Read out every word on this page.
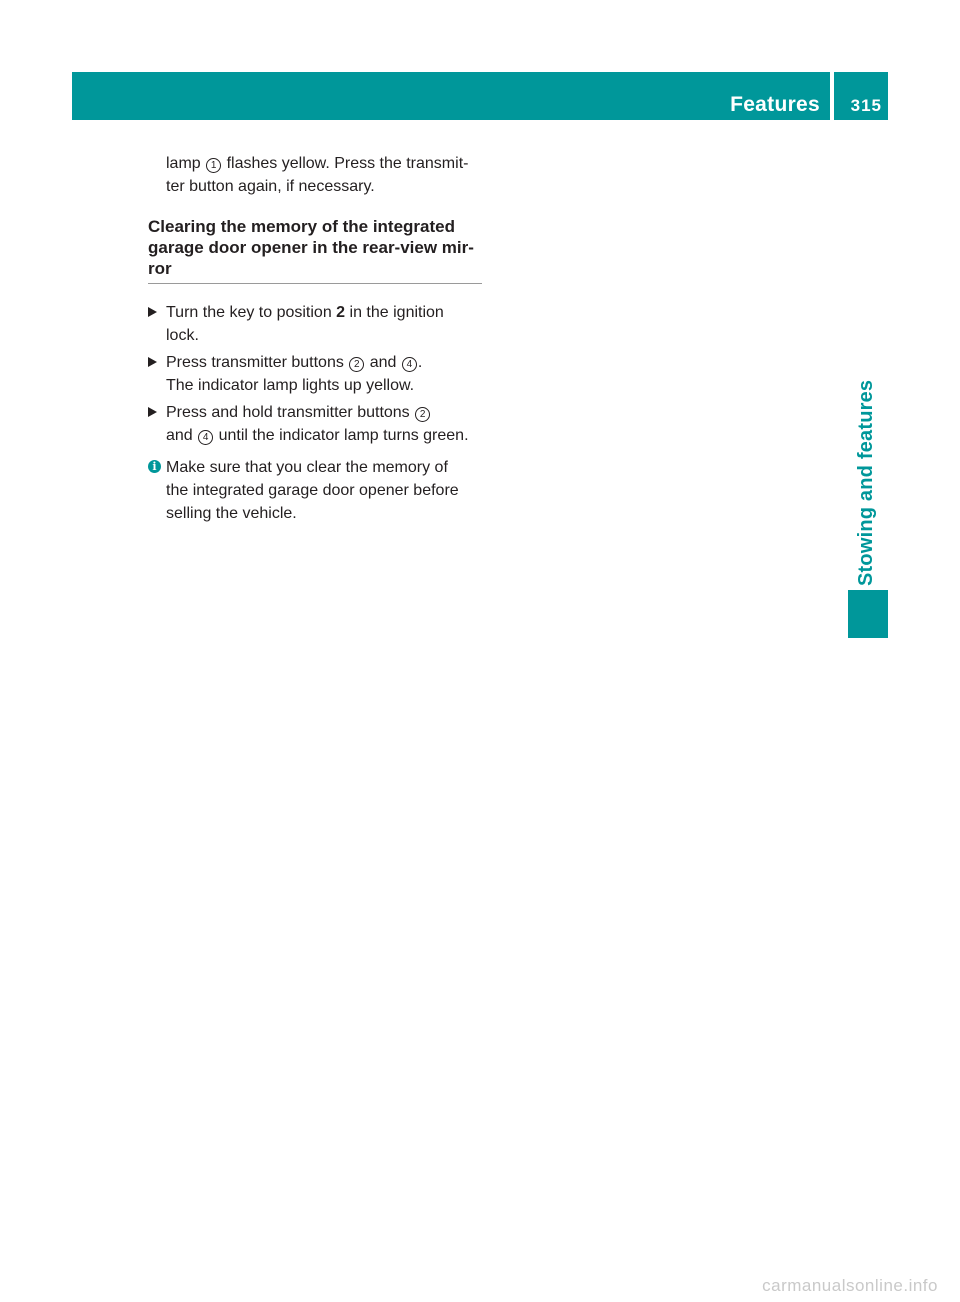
Features 315
Stowing and features

lamp 1 flashes yellow. Press the transmit-
ter button again, if necessary.

Clearing the memory of the integrated
garage door opener in the rear-view mir-
ror

Turn the key to position 2 in the ignition
lock.

Press transmitter buttons 2 and 4 .
The indicator lamp lights up yellow.

Press and hold transmitter buttons 2
and 4 until the indicator lamp turns green.

i Make sure that you clear the memory of
the integrated garage door opener before
selling the vehicle.
carmanualsonline.info
